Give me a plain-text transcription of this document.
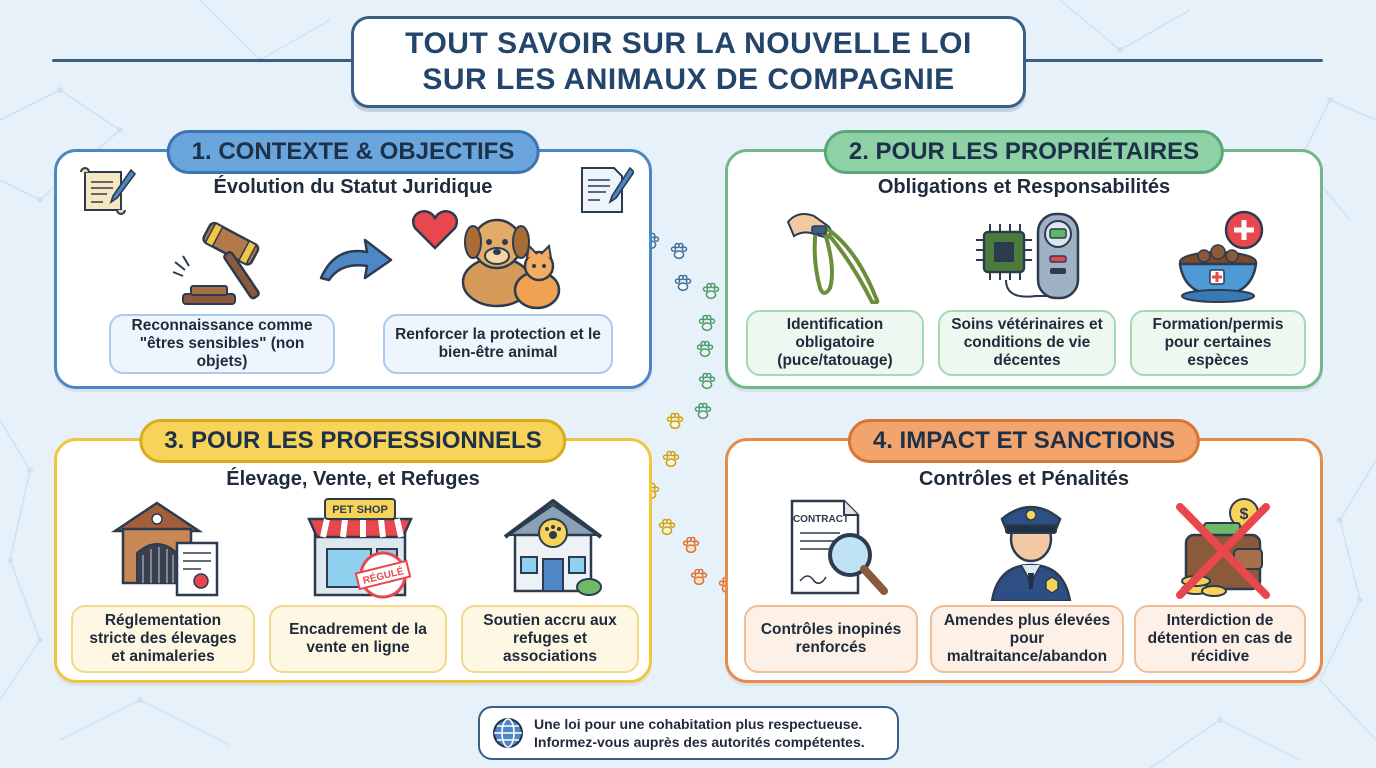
TOUT SAVOIR SUR LA NOUVELLE LOI
SUR LES ANIMAUX DE COMPAGNIE
1. CONTEXTE & OBJECTIFS
Évolution du Statut Juridique
Reconnaissance comme "êtres sensibles" (non objets)
Renforcer la protection et le bien-être animal
2. POUR LES PROPRIÉTAIRES
Obligations et Responsabilités
Identification obligatoire (puce/tatouage)
Soins vétérinaires et conditions de vie décentes
Formation/permis pour certaines espèces
3. POUR LES PROFESSIONNELS
Élevage, Vente, et Refuges
PET SHOP
RÉGULÉ
Réglementation stricte des élevages et animaleries
Encadrement de la vente en ligne
Soutien accru aux refuges et associations
4. IMPACT ET SANCTIONS
Contrôles et Pénalités
CONTRACT	$
Contrôles inopinés renforcés
Amendes plus élevées pour maltraitance/abandon
Interdiction de détention en cas de récidive
Une loi pour une cohabitation plus respectueuse.
Informez-vous auprès des autorités compétentes.
